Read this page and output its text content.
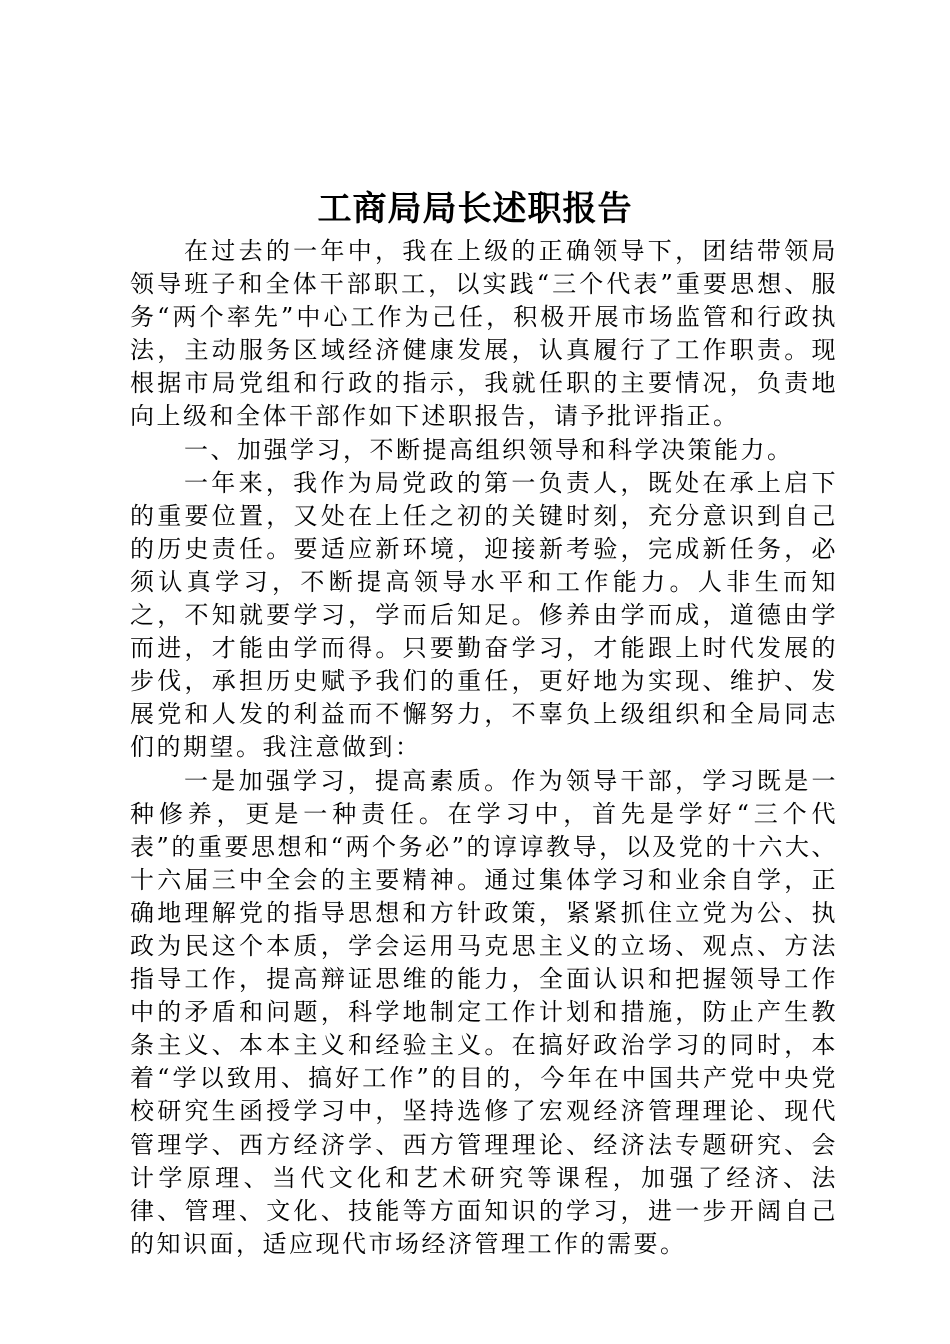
工商局局长述职报告

在过去的一年中，我在上级的正确领导下，团结带领局领导班子和全体干部职工，以实践“三个代表”重要思想、服务“两个率先”中心工作为己任，积极开展市场监管和行政执法，主动服务区域经济健康发展，认真履行了工作职责。现根据市局党组和行政的指示，我就任职的主要情况，负责地向上级和全体干部作如下述职报告，请予批评指正。

一、加强学习，不断提高组织领导和科学决策能力。

一年来，我作为局党政的第一负责人，既处在承上启下的重要位置，又处在上任之初的关键时刻，充分意识到自己的历史责任。要适应新环境，迎接新考验，完成新任务，必须认真学习，不断提高领导水平和工作能力。人非生而知之，不知就要学习，学而后知足。修养由学而成，道德由学而进，才能由学而得。只要勤奋学习，才能跟上时代发展的步伐，承担历史赋予我们的重任，更好地为实现、维护、发展党和人发的利益而不懈努力，不辜负上级组织和全局同志们的期望。我注意做到：

一是加强学习，提高素质。作为领导干部，学习既是一种修养，更是一种责任。在学习中，首先是学好“三个代表”的重要思想和“两个务必”的谆谆教导，以及党的十六大、十六届三中全会的主要精神。通过集体学习和业余自学，正确地理解党的指导思想和方针政策，紧紧抓住立党为公、执政为民这个本质，学会运用马克思主义的立场、观点、方法指导工作，提高辩证思维的能力，全面认识和把握领导工作中的矛盾和问题，科学地制定工作计划和措施，防止产生教条主义、本本主义和经验主义。在搞好政治学习的同时，本着“学以致用、搞好工作”的目的，今年在中国共产党中央党校研究生函授学习中，坚持选修了宏观经济管理理论、现代管理学、西方经济学、西方管理理论、经济法专题研究、会计学原理、当代文化和艺术研究等课程，加强了经济、法律、管理、文化、技能等方面知识的学习，进一步开阔自己的知识面，适应现代市场经济管理工作的需要。
